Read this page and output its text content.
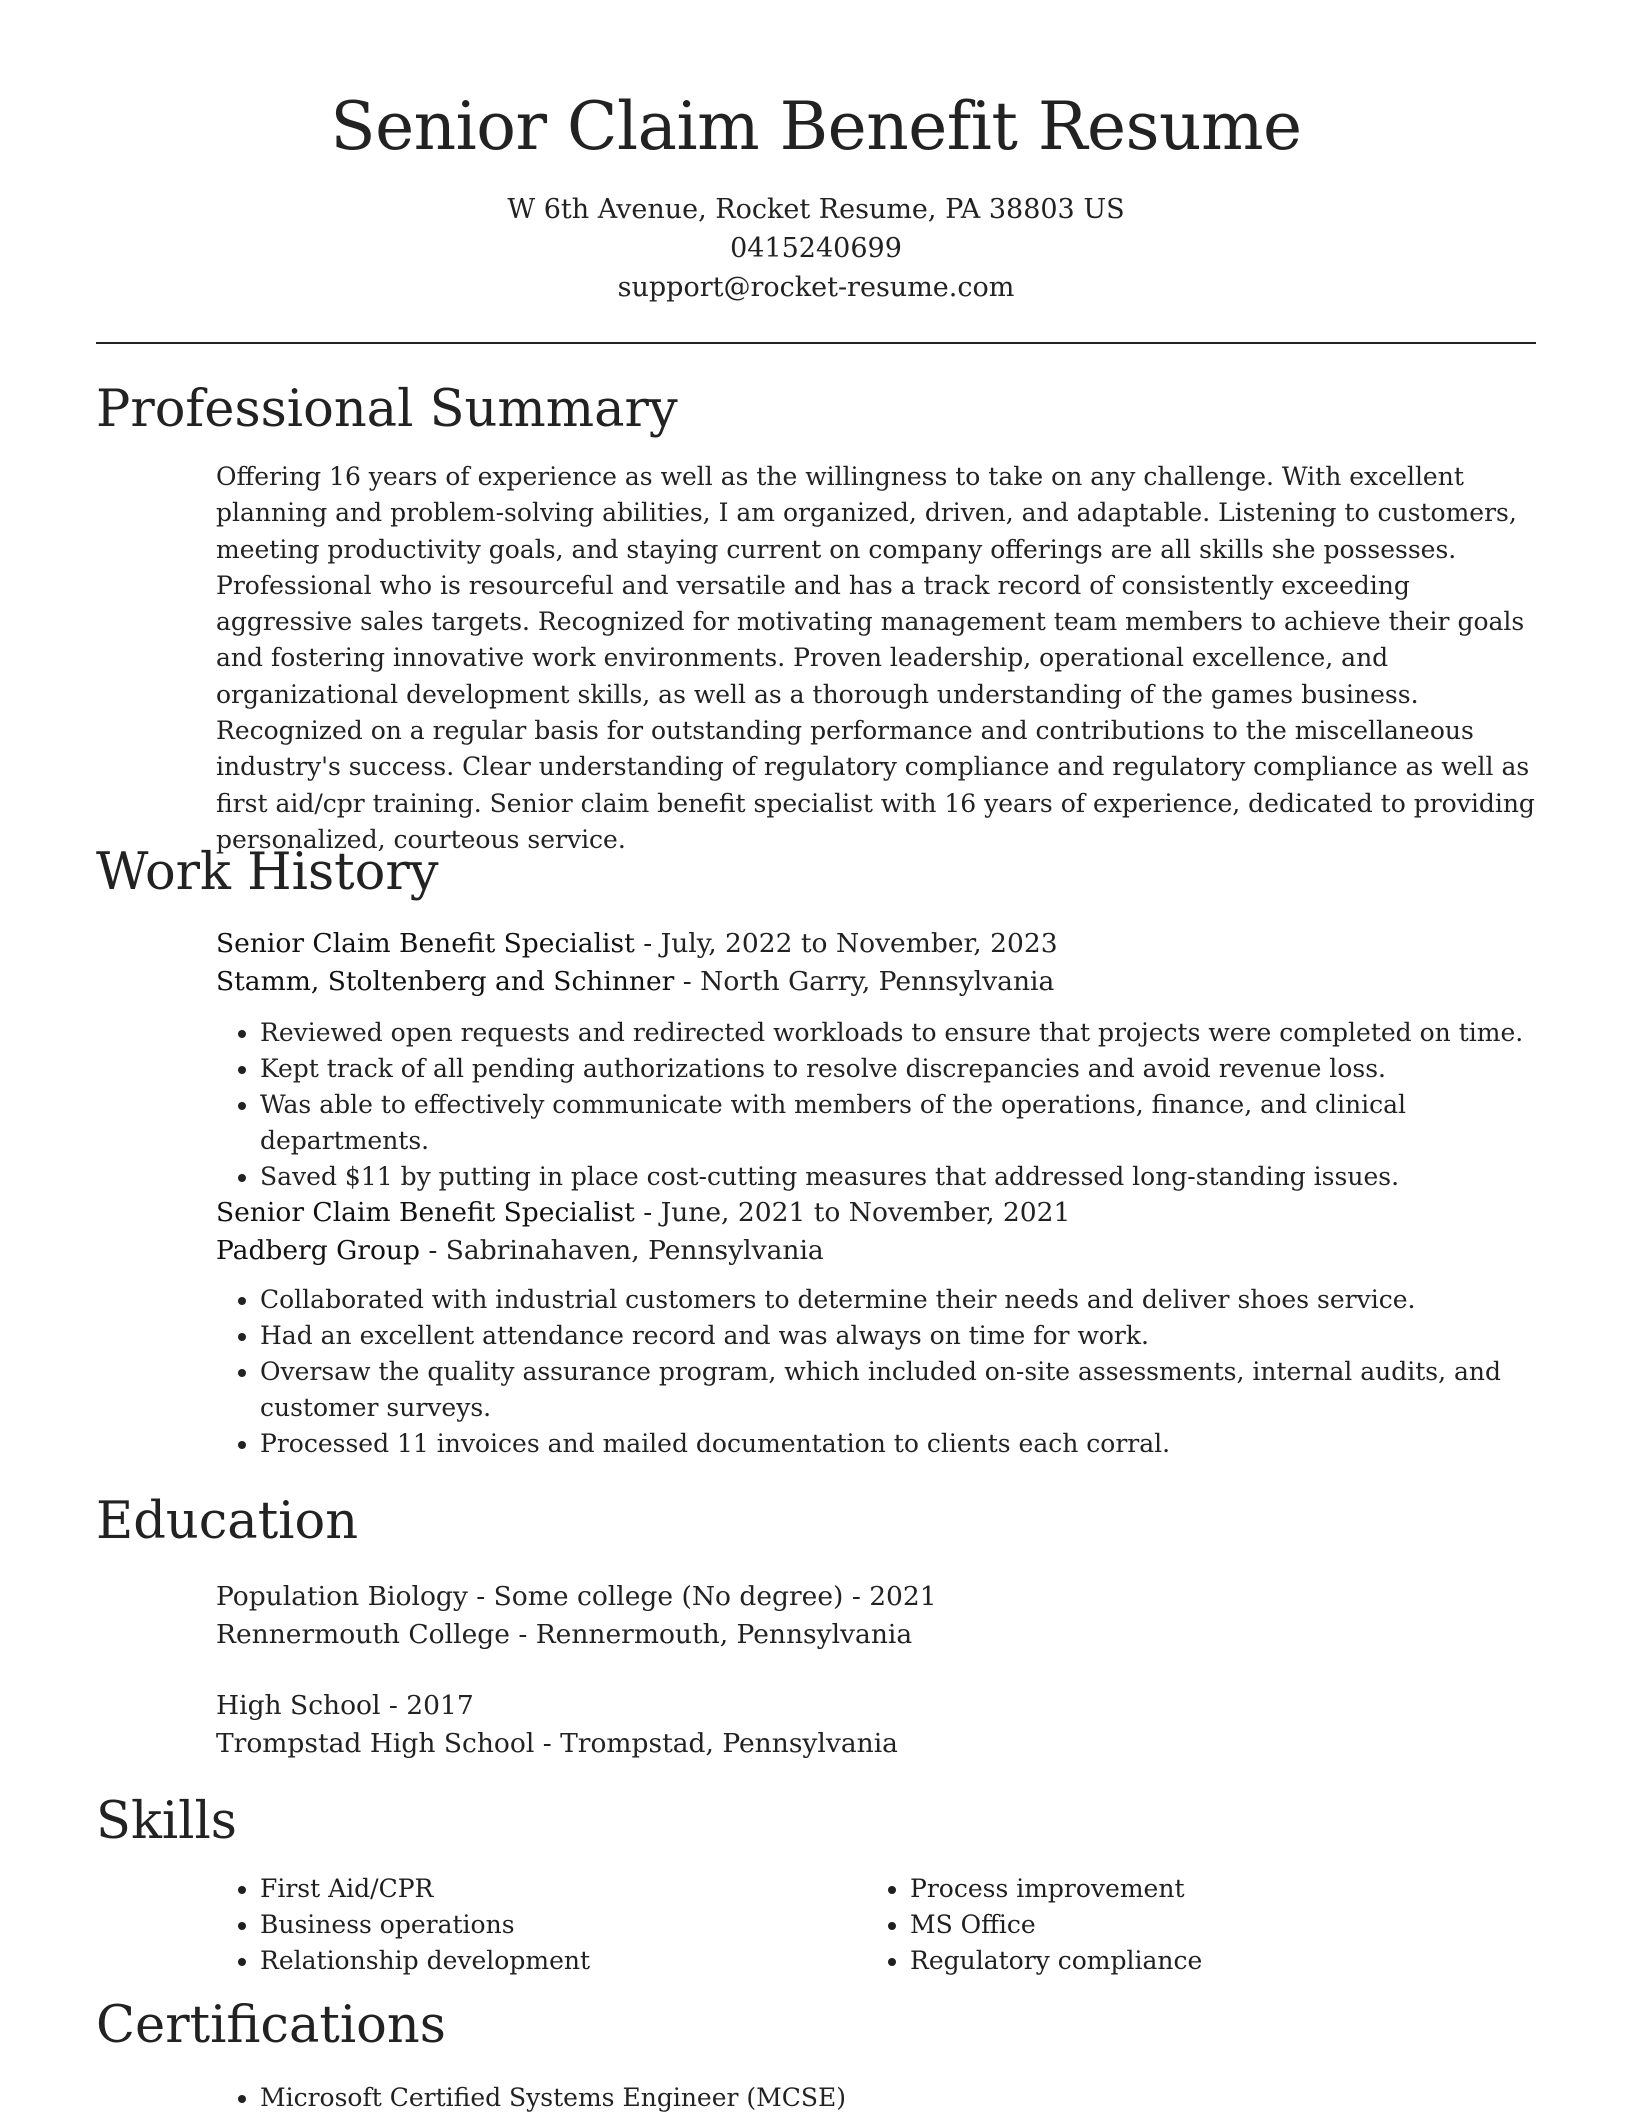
Senior Claim Benefit Resume
W 6th Avenue, Rocket Resume, PA 38803 US
0415240699
support@rocket-resume.com
Professional Summary
Offering 16 years of experience as well as the willingness to take on any challenge. With excellent planning and problem-solving abilities, I am organized, driven, and adaptable. Listening to customers, meeting productivity goals, and staying current on company offerings are all skills she possesses. Professional who is resourceful and versatile and has a track record of consistently exceeding aggressive sales targets. Recognized for motivating management team members to achieve their goals and fostering innovative work environments. Proven leadership, operational excellence, and organizational development skills, as well as a thorough understanding of the games business. Recognized on a regular basis for outstanding performance and contributions to the miscellaneous industry's success. Clear understanding of regulatory compliance and regulatory compliance as well as first aid/cpr training. Senior claim benefit specialist with 16 years of experience, dedicated to providing personalized, courteous service.
Work History
Senior Claim Benefit Specialist - July, 2022 to November, 2023
Stamm, Stoltenberg and Schinner - North Garry, Pennsylvania
• Reviewed open requests and redirected workloads to ensure that projects were completed on time.
• Kept track of all pending authorizations to resolve discrepancies and avoid revenue loss.
• Was able to effectively communicate with members of the operations, finance, and clinical departments.
• Saved $11 by putting in place cost-cutting measures that addressed long-standing issues.
Senior Claim Benefit Specialist - June, 2021 to November, 2021
Padberg Group - Sabrinahaven, Pennsylvania
• Collaborated with industrial customers to determine their needs and deliver shoes service.
• Had an excellent attendance record and was always on time for work.
• Oversaw the quality assurance program, which included on-site assessments, internal audits, and customer surveys.
• Processed 11 invoices and mailed documentation to clients each corral.
Education
Population Biology - Some college (No degree) - 2021
Rennermouth College - Rennermouth, Pennsylvania
High School - 2017
Trompstad High School - Trompstad, Pennsylvania
Skills
• First Aid/CPR
• Business operations
• Relationship development
• Process improvement
• MS Office
• Regulatory compliance
Certifications
• Microsoft Certified Systems Engineer (MCSE)
